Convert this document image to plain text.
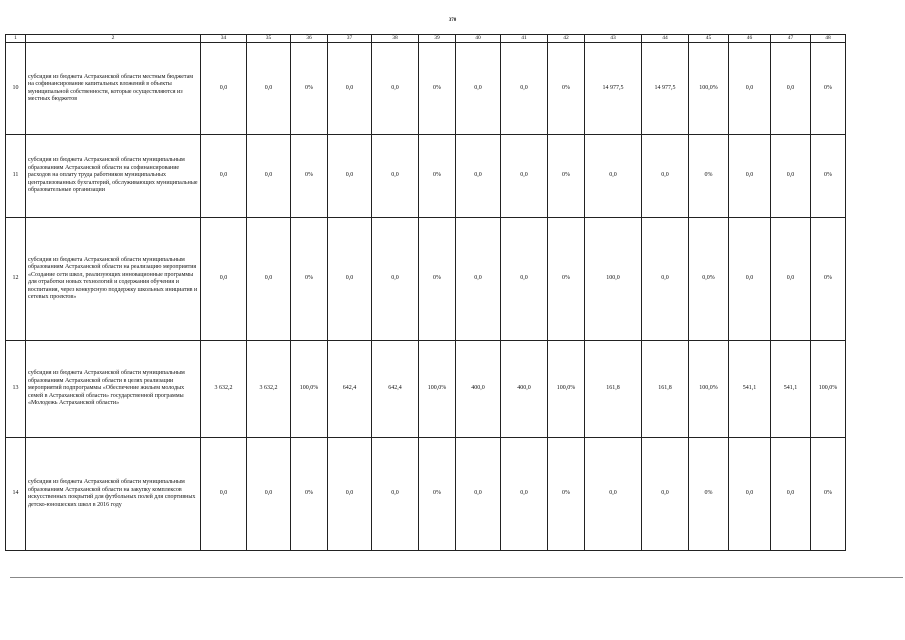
370
1	2	34	35	36	37	38	39	40	41	42	43	44	45	46	47	48
10	субсидия из бюджета Астраханской области местным бюджетам на софинансирование капитальных вложений в объекты муниципальной собственности, которые осуществляются из местных бюджетов	0,0	0,0	0%	0,0	0,0	0%	0,0	0,0	0%	14 977,5	14 977,5	100,0%	0,0	0,0	0%
11	субсидия из бюджета Астраханской области муниципальным образованиям Астраханской области на софинансирование расходов на оплату труда работников муниципальных централизованных бухгалтерий, обслуживающих муниципальные образовательные организации	0,0	0,0	0%	0,0	0,0	0%	0,0	0,0	0%	0,0	0,0	0%	0,0	0,0	0%
12	субсидия из бюджета Астраханской области муниципальным образованиям Астраханской области на реализацию мероприятия «Создание сети школ, реализующих инновационные программы для отработки новых технологий и содержания обучения и воспитания, через конкурсную поддержку школьных инициатив и сетевых проектов»	0,0	0,0	0%	0,0	0,0	0%	0,0	0,0	0%	100,0	0,0	0,0%	0,0	0,0	0%
13	субсидия из бюджета Астраханской области муниципальным образованиям Астраханской области в целях реализации мероприятий подпрограммы «Обеспечение жильем молодых семей в Астраханской области» государственной программы «Молодежь Астраханской области»	3 632,2	3 632,2	100,0%	642,4	642,4	100,0%	400,0	400,0	100,0%	161,8	161,8	100,0%	541,1	541,1	100,0%
14	субсидия из бюджета Астраханской области муниципальным образованиям Астраханской области на закупку комплексов искусственных покрытий для футбольных полей для спортивных детско-юношеских школ в 2016 году	0,0	0,0	0%	0,0	0,0	0%	0,0	0,0	0%	0,0	0,0	0%	0,0	0,0	0%
